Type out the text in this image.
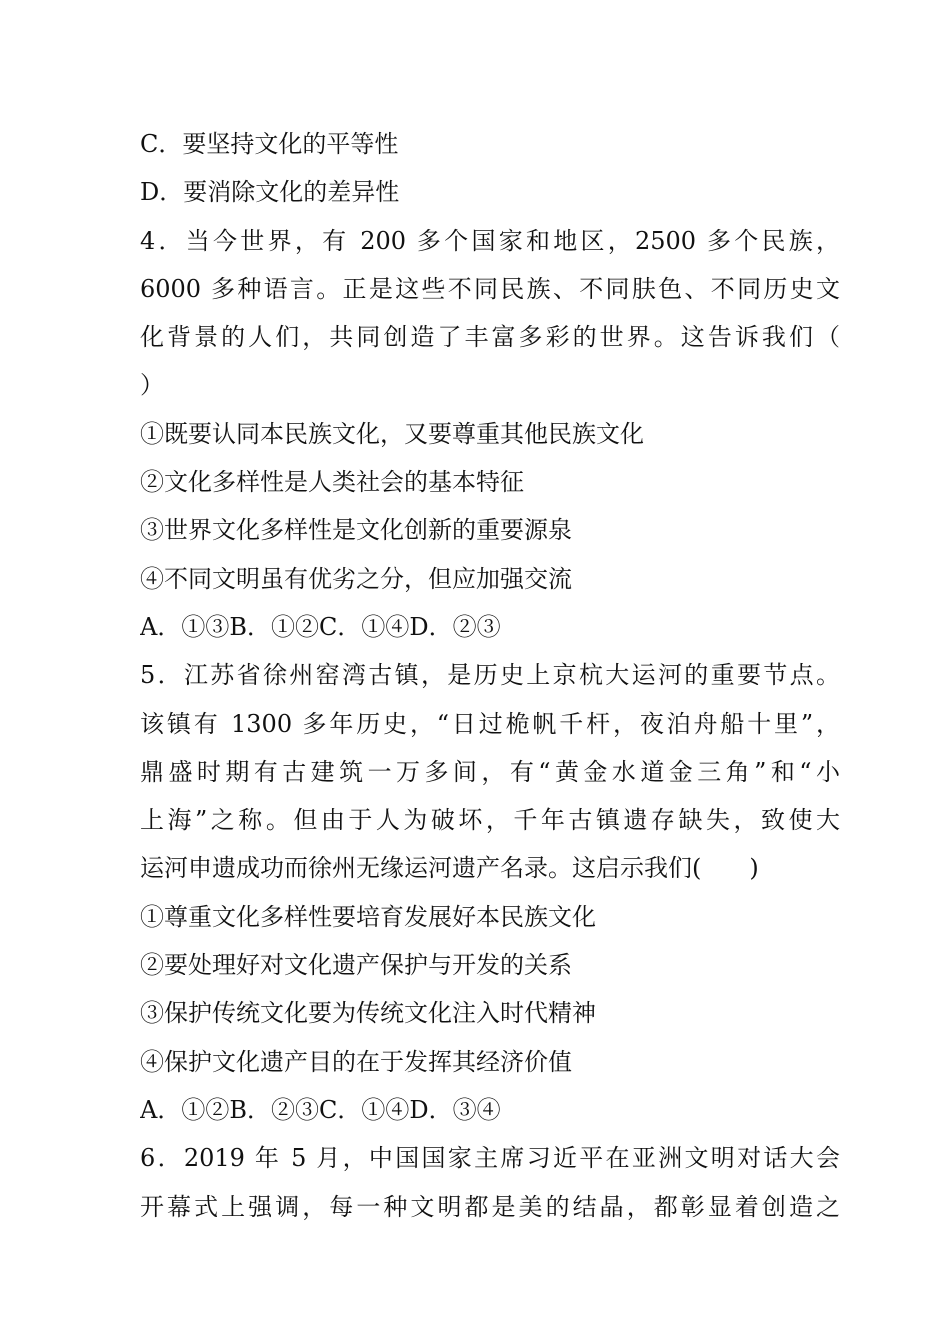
C．要坚持文化的平等性
D．要消除文化的差异性
4．当今世界，有 200 多个国家和地区，2500 多个民族，
6000 多种语言。正是这些不同民族、不同肤色、不同历史文
化背景的人们，共同创造了丰富多彩的世界。这告诉我们（
）
①既要认同本民族文化，又要尊重其他民族文化
②文化多样性是人类社会的基本特征
③世界文化多样性是文化创新的重要源泉
④不同文明虽有优劣之分，但应加强交流
A．①③B．①②C．①④D．②③
5．江苏省徐州窑湾古镇，是历史上京杭大运河的重要节点。
该镇有 1300 多年历史，“日过桅帆千杆，夜泊舟船十里”，
鼎盛时期有古建筑一万多间，有“黄金水道金三角”和“小
上海”之称。但由于人为破坏，千年古镇遗存缺失，致使大
运河申遗成功而徐州无缘运河遗产名录。这启示我们(　　)
①尊重文化多样性要培育发展好本民族文化
②要处理好对文化遗产保护与开发的关系
③保护传统文化要为传统文化注入时代精神
④保护文化遗产目的在于发挥其经济价值
A．①②B．②③C．①④D．③④
6．2019 年 5 月，中国国家主席习近平在亚洲文明对话大会
开幕式上强调，每一种文明都是美的结晶，都彰显着创造之
